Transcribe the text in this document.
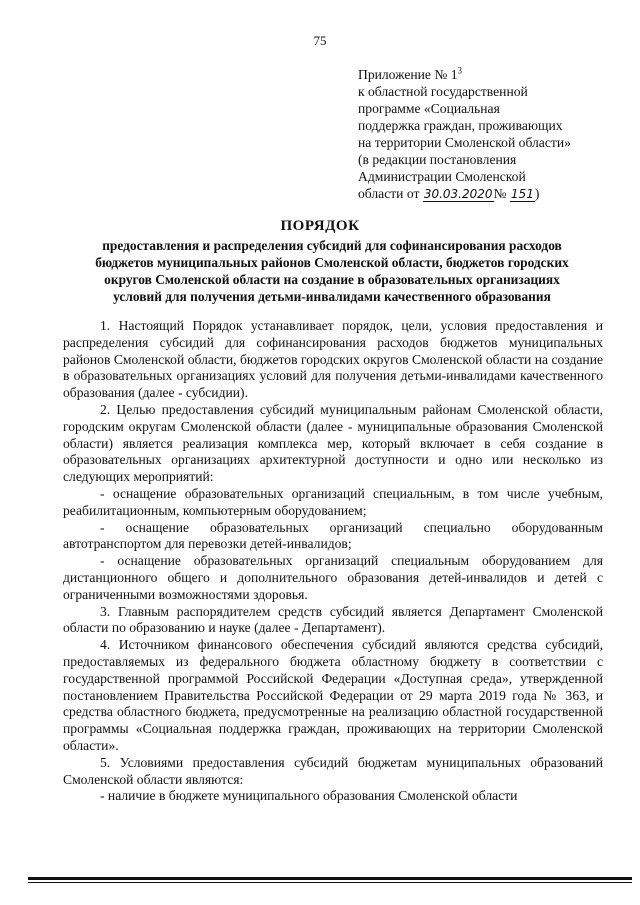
75
Приложение № $1^3$
к областной государственной
программе «Социальная
поддержка граждан, проживающих
на территории Смоленской области»
(в редакции постановления
Администрации Смоленской
области от 30.03.2020№ 151)
ПОРЯДОК
предоставления и распределения субсидий для софинансирования расходов
бюджетов муниципальных районов Смоленской области, бюджетов городских
округов Смоленской области на создание в образовательных организациях
условий для получения детьми-инвалидами качественного образования

1. Настоящий Порядок устанавливает порядок, цели, условия предоставления и распределения субсидий для софинансирования расходов бюджетов муниципальных районов Смоленской области, бюджетов городских округов Смоленской области на создание в образовательных организациях условий для получения детьми-инвалидами качественного образования (далее - субсидии).

2. Целью предоставления субсидий муниципальным районам Смоленской области, городским округам Смоленской области (далее - муниципальные образования Смоленской области) является реализация комплекса мер, который включает в себя создание в образовательных организациях архитектурной доступности и одно или несколько из следующих мероприятий:

- оснащение образовательных организаций специальным, в том числе учебным, реабилитационным, компьютерным оборудованием;

- оснащение образовательных организаций специально оборудованным автотранспортом для перевозки детей-инвалидов;

- оснащение образовательных организаций специальным оборудованием для дистанционного общего и дополнительного образования детей-инвалидов и детей с ограниченными возможностями здоровья.

3. Главным распорядителем средств субсидий является Департамент Смоленской области по образованию и науке (далее - Департамент).

4. Источником финансового обеспечения субсидий являются средства субсидий, предоставляемых из федерального бюджета областному бюджету в соответствии с государственной программой Российской Федерации «Доступная среда», утвержденной постановлением Правительства Российской Федерации от 29 марта 2019 года № 363, и средства областного бюджета, предусмотренные на реализацию областной государственной программы «Социальная поддержка граждан, проживающих на территории Смоленской области».

5. Условиями предоставления субсидий бюджетам муниципальных образований Смоленской области являются:

- наличие в бюджете муниципального образования Смоленской области
